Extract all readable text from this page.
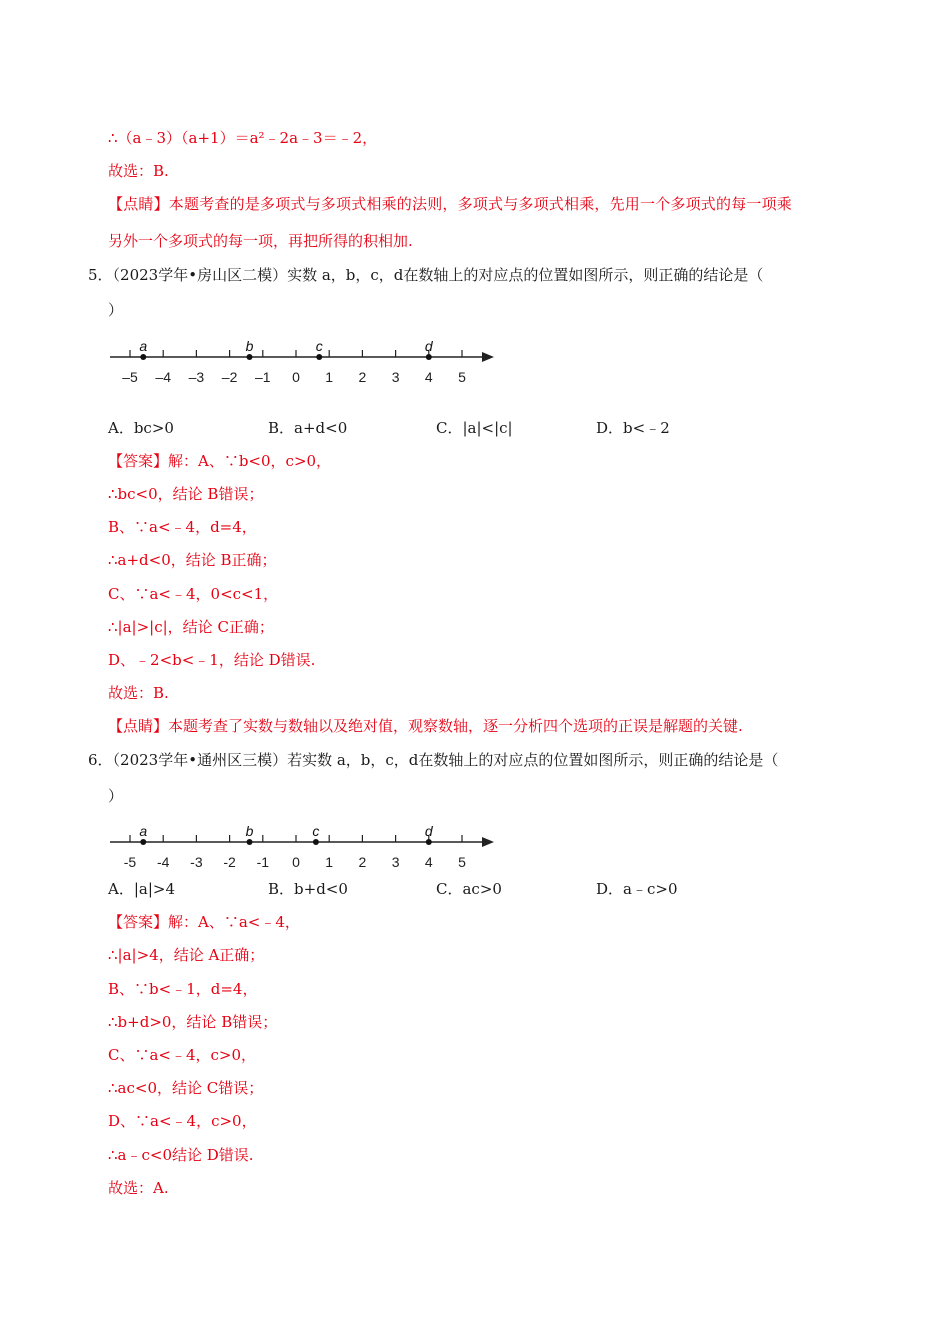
∴（a﹣3）（a+1）＝a²﹣2a﹣3＝﹣2，
故选：B.
【点睛】本题考查的是多项式与多项式相乘的法则，多项式与多项式相乘，先用一个多项式的每一项乘
另外一个多项式的每一项，再把所得的积相加.
5．（2023学年•房山区二模）实数 a，b，c，d在数轴上的对应点的位置如图所示，则正确的结论是（
）
–5 –4 –3 –2 –1 0 1 2 3 4 5
a	b	c	d
A．bc>0	B．a+d<0	C．|a|<|c|	D．b<﹣2
【答案】解：A、∵b<0，c>0，
∴bc<0，结论 B错误；
B、∵a<﹣4，d=4，
∴a+d<0，结论 B正确；
C、∵a<﹣4，0<c<1，
∴|a|>|c|，结论 C正确；
D、﹣2<b<﹣1，结论 D错误.
故选：B.
【点睛】本题考查了实数与数轴以及绝对值，观察数轴，逐一分析四个选项的正误是解题的关键.
6．（2023学年•通州区三模）若实数 a，b，c，d在数轴上的对应点的位置如图所示，则正确的结论是（
）
-5 -4 -3 -2 -1 0 1 2 3 4 5
a	b	c	d
A．|a|>4	B．b+d<0	C．ac>0	D．a﹣c>0
【答案】解：A、∵a<﹣4，
∴|a|>4，结论 A正确；
B、∵b<﹣1，d=4，
∴b+d>0，结论 B错误；
C、∵a<﹣4，c>0，
∴ac<0，结论 C错误；
D、∵a<﹣4，c>0，
∴a﹣c<0结论 D错误.
故选：A.
